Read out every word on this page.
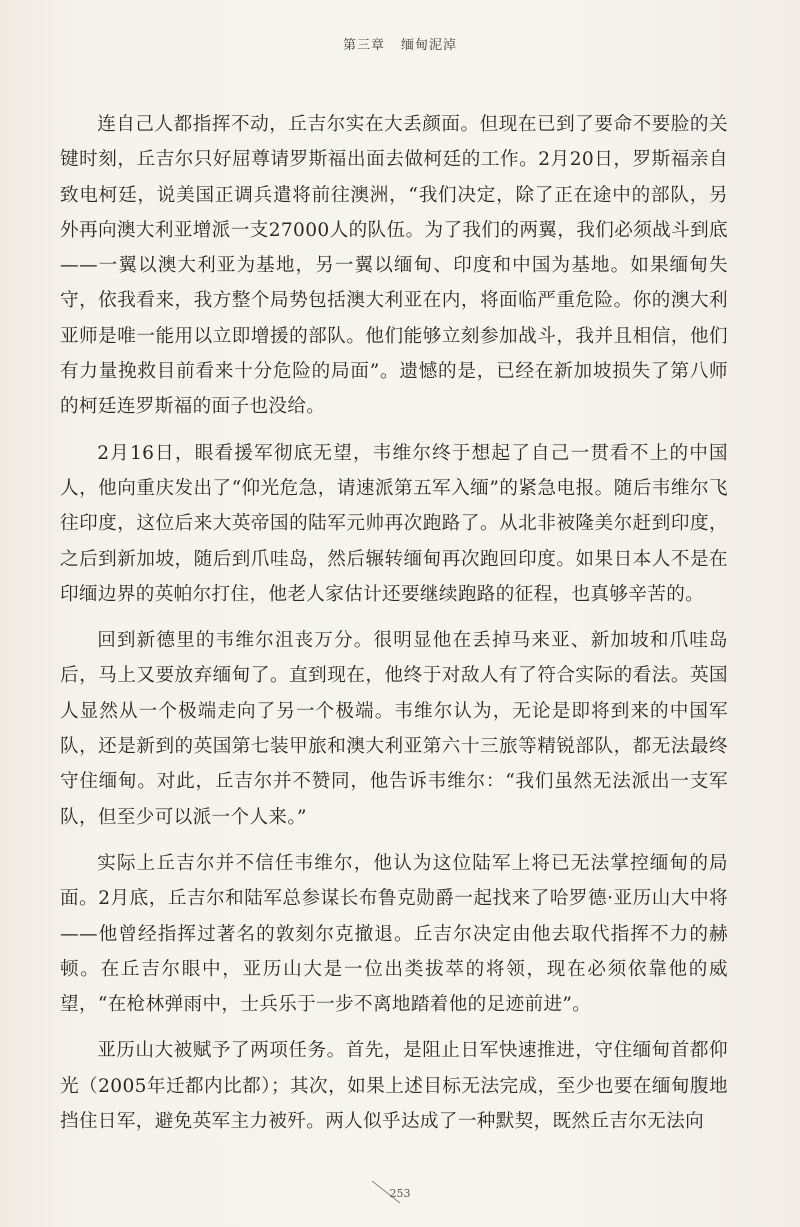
第三章 缅甸泥淖

连自己人都指挥不动，丘吉尔实在大丢颜面。但现在已到了要命不要脸的关键时刻，丘吉尔只好屈尊请罗斯福出面去做柯廷的工作。2月20日，罗斯福亲自致电柯廷，说美国正调兵遣将前往澳洲，“我们决定，除了正在途中的部队，另外再向澳大利亚增派一支27000人的队伍。为了我们的两翼，我们必须战斗到底——一翼以澳大利亚为基地，另一翼以缅甸、印度和中国为基地。如果缅甸失守，依我看来，我方整个局势包括澳大利亚在内，将面临严重危险。你的澳大利亚师是唯一能用以立即增援的部队。他们能够立刻参加战斗，我并且相信，他们有力量挽救目前看来十分危险的局面”。遗憾的是，已经在新加坡损失了第八师的柯廷连罗斯福的面子也没给。

2月16日，眼看援军彻底无望，韦维尔终于想起了自己一贯看不上的中国人，他向重庆发出了“仰光危急，请速派第五军入缅”的紧急电报。随后韦维尔飞往印度，这位后来大英帝国的陆军元帅再次跑路了。从北非被隆美尔赶到印度，之后到新加坡，随后到爪哇岛，然后辗转缅甸再次跑回印度。如果日本人不是在印缅边界的英帕尔打住，他老人家估计还要继续跑路的征程，也真够辛苦的。

回到新德里的韦维尔沮丧万分。很明显他在丢掉马来亚、新加坡和爪哇岛后，马上又要放弃缅甸了。直到现在，他终于对敌人有了符合实际的看法。英国人显然从一个极端走向了另一个极端。韦维尔认为，无论是即将到来的中国军队，还是新到的英国第七装甲旅和澳大利亚第六十三旅等精锐部队，都无法最终守住缅甸。对此，丘吉尔并不赞同，他告诉韦维尔：“我们虽然无法派出一支军队，但至少可以派一个人来。”

实际上丘吉尔并不信任韦维尔，他认为这位陆军上将已无法掌控缅甸的局面。2月底，丘吉尔和陆军总参谋长布鲁克勋爵一起找来了哈罗德·亚历山大中将——他曾经指挥过著名的敦刻尔克撤退。丘吉尔决定由他去取代指挥不力的赫顿。在丘吉尔眼中，亚历山大是一位出类拔萃的将领，现在必须依靠他的威望，“在枪林弹雨中，士兵乐于一步不离地踏着他的足迹前进”。

亚历山大被赋予了两项任务。首先，是阻止日军快速推进，守住缅甸首都仰光（2005年迁都内比都）；其次，如果上述目标无法完成，至少也要在缅甸腹地挡住日军，避免英军主力被歼。两人似乎达成了一种默契，既然丘吉尔无法向

253
